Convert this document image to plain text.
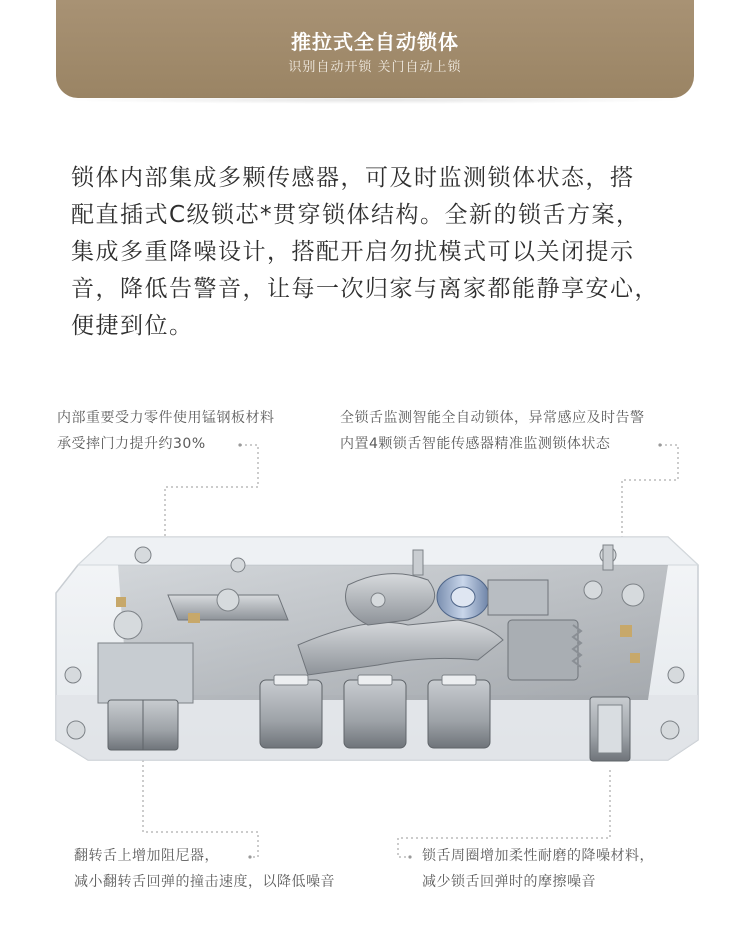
推拉式全自动锁体
识别自动开锁 关门自动上锁
锁体内部集成多颗传感器，可及时监测锁体状态，搭
配直插式C级锁芯*贯穿锁体结构。全新的锁舌方案，
集成多重降噪设计，搭配开启勿扰模式可以关闭提示
音，降低告警音，让每一次归家与离家都能静享安心，
便捷到位。
内部重要受力零件使用锰钢板材料
承受摔门力提升约30%
全锁舌监测智能全自动锁体，异常感应及时告警
内置4颗锁舌智能传感器精准监测锁体状态
翻转舌上增加阻尼器，
减小翻转舌回弹的撞击速度，以降低噪音
锁舌周圈增加柔性耐磨的降噪材料，
减少锁舌回弹时的摩擦噪音
